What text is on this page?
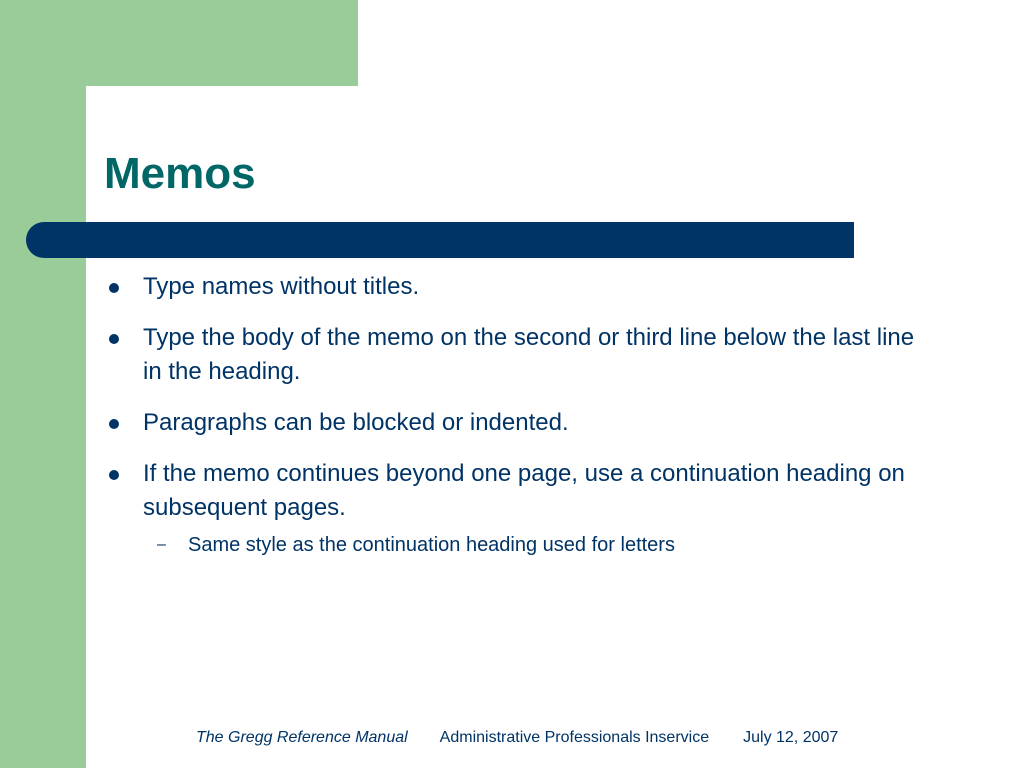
Memos
Type names without titles.
Type the body of the memo on the second or third line below the last line in the heading.
Paragraphs can be blocked or indented.
If the memo continues beyond one page, use a continuation heading on subsequent pages.
– Same style as the continuation heading used for letters
The Gregg Reference Manual Administrative Professionals Inservice July 12, 2007
